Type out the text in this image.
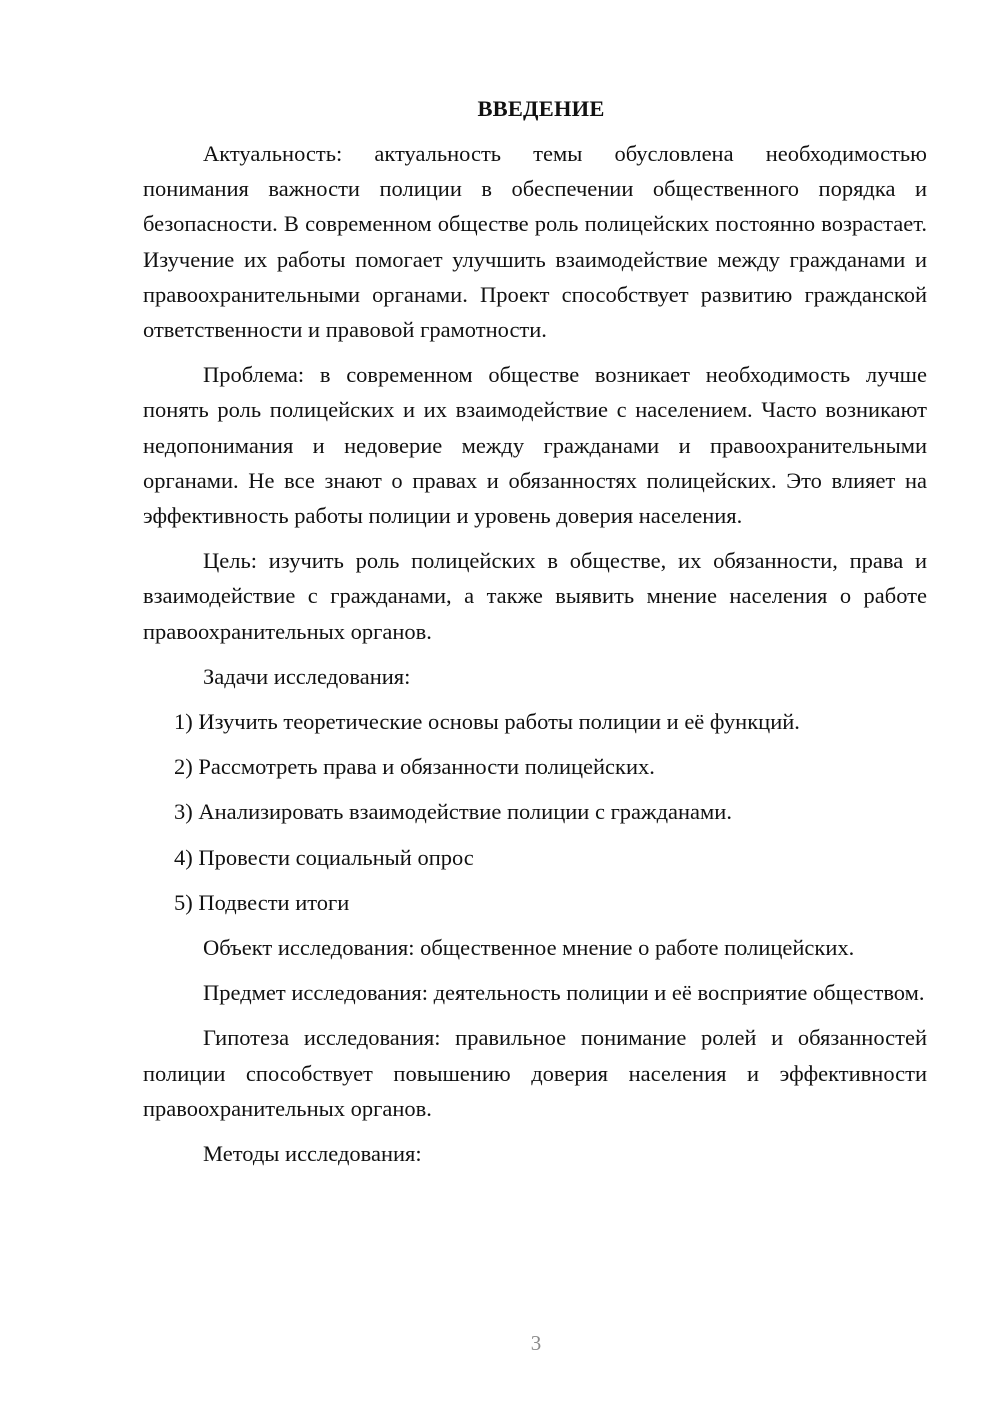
ВВЕДЕНИЕ

Актуальность: актуальность темы обусловлена необходимостью понимания важности полиции в обеспечении общественного порядка и безопасности. В современном обществе роль полицейских постоянно возрастает. Изучение их работы помогает улучшить взаимодействие между гражданами и правоохранительными органами. Проект способствует развитию гражданской ответственности и правовой грамотности.

Проблема: в современном обществе возникает необходимость лучше понять роль полицейских и их взаимодействие с населением. Часто возникают недопонимания и недоверие между гражданами и правоохранительными органами. Не все знают о правах и обязанностях полицейских. Это влияет на эффективность работы полиции и уровень доверия населения.

Цель: изучить роль полицейских в обществе, их обязанности, права и взаимодействие с гражданами, а также выявить мнение населения о работе правоохранительных органов.

Задачи исследования:

1) Изучить теоретические основы работы полиции и её функций.

2) Рассмотреть права и обязанности полицейских.

3) Анализировать взаимодействие полиции с гражданами.

4) Провести социальный опрос

5) Подвести итоги

Объект исследования: общественное мнение о работе полицейских.

Предмет исследования: деятельность полиции и её восприятие обществом.

Гипотеза исследования: правильное понимание ролей и обязанностей полиции способствует повышению доверия населения и эффективности правоохранительных органов.

Методы исследования:

3
